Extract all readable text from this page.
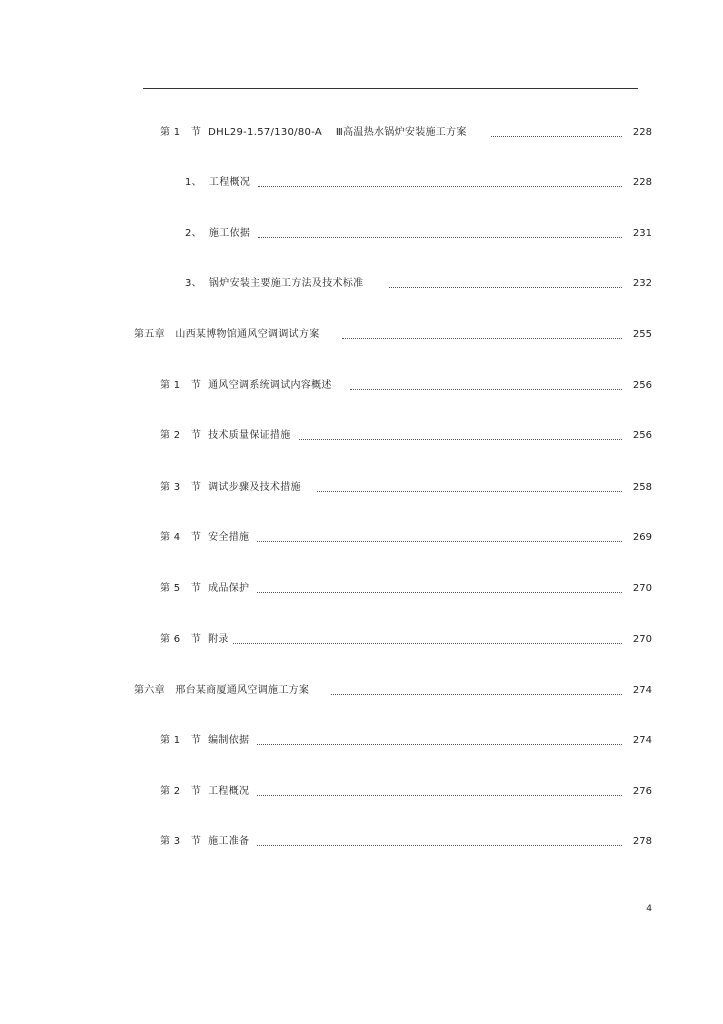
第 1   节  DHL29-1.57/130/80-A    Ⅲ高温热水锅炉安装施工方案	228
1、  工程概况	228
2、  施工依据	231
3、  锅炉安装主要施工方法及技术标准	232
第五章   山西某博物馆通风空调调试方案	255
第 1   节  通风空调系统调试内容概述	256
第 2   节  技术质量保证措施	256
第 3   节  调试步骤及技术措施	258
第 4   节  安全措施	269
第 5   节  成品保护	270
第 6   节  附录	270
第六章   邢台某商厦通风空调施工方案	274
第 1   节  编制依据	274
第 2   节  工程概况	276
第 3   节  施工准备	278
4
